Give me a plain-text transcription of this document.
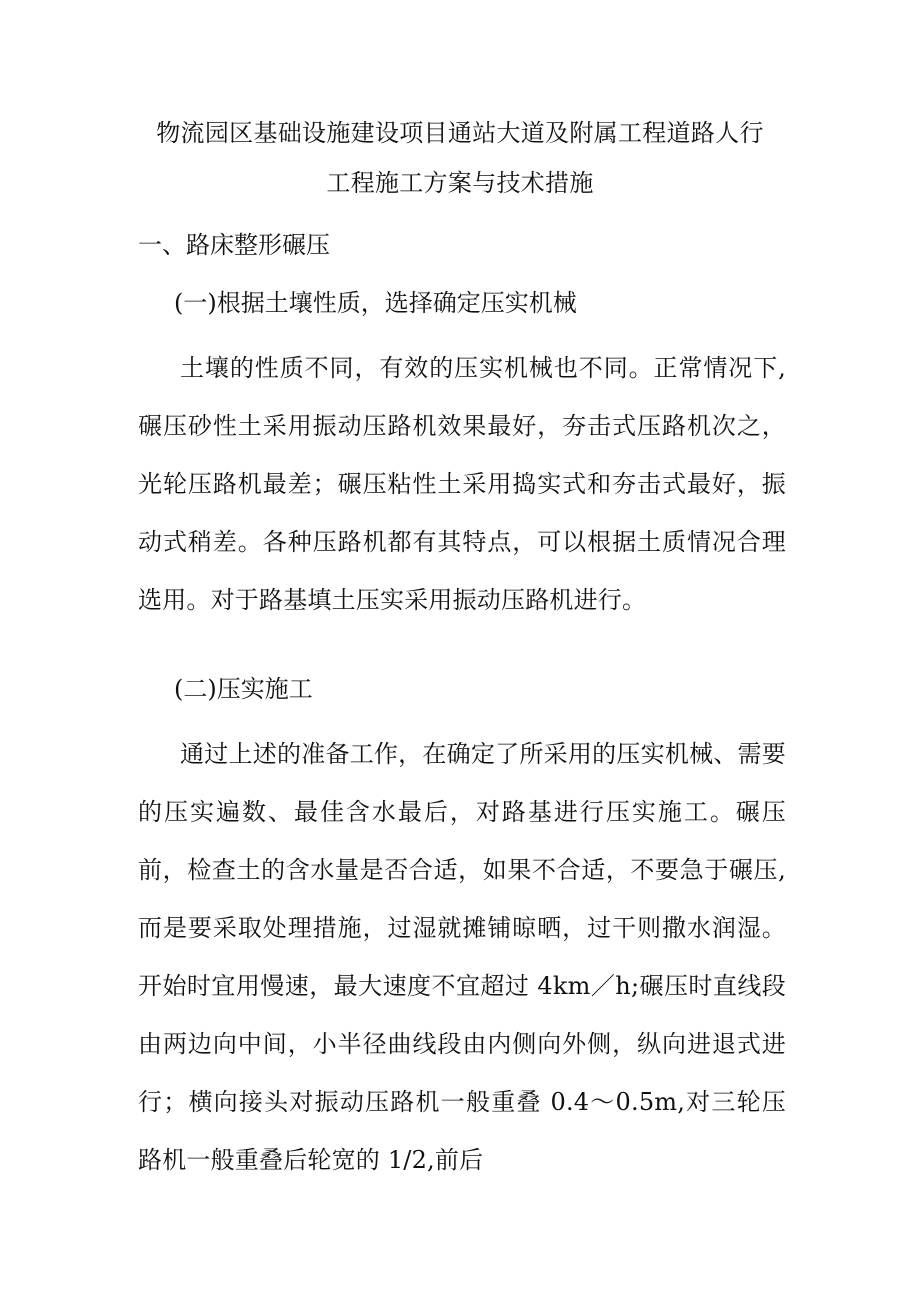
物流园区基础设施建设项目通站大道及附属工程道路人行
工程施工方案与技术措施
一、路床整形碾压
(一)根据土壤性质，选择确定压实机械
土壤的性质不同，有效的压实机械也不同。正常情况下,碾压砂性土采用振动压路机效果最好，夯击式压路机次之，光轮压路机最差；碾压粘性土采用捣实式和夯击式最好，振动式稍差。各种压路机都有其特点，可以根据土质情况合理选用。对于路基填土压实采用振动压路机进行。
(二)压实施工
通过上述的准备工作，在确定了所采用的压实机械、需要的压实遍数、最佳含水最后，对路基进行压实施工。碾压前，检查土的含水量是否合适，如果不合适，不要急于碾压,而是要采取处理措施，过湿就摊铺晾晒，过干则撒水润湿。开始时宜用慢速，最大速度不宜超过 4km／h;碾压时直线段由两边向中间，小半径曲线段由内侧向外侧，纵向进退式进行；横向接头对振动压路机一般重叠 0.4～0.5m,对三轮压路机一般重叠后轮宽的 1/2,前后
